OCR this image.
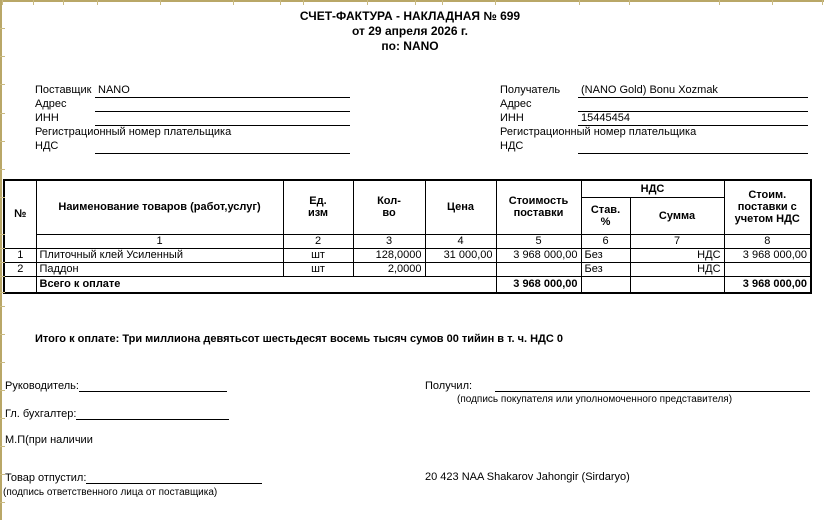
СЧЕТ-ФАКТУРА - НАКЛАДНАЯ № 699
от 29 апреля 2026 г.
по: NANO
Поставщик NANO
Адрес
ИНН
Регистрационный номер плательщика
НДС
Получатель	(NANO Gold) Bonu Xozmak
Адрес
ИНН	15445454
Регистрационный номер плательщика
НДС
№	Наименование товаров (работ,услуг)	Ед. изм	Кол-во	Цена	Стоимость поставки	НДС		Стоим. поставки с учетом НДС
						Став. %	Сумма	
	1	2	3	4	5	6	7	8
1	Плиточный клей Усиленный	шт	128,0000	31 000,00	3 968 000,00	Без	НДС	3 968 000,00
2	Паддон	шт	2,0000			Без	НДС	
	Всего к оплате				3 968 000,00			3 968 000,00
Итого к оплате: Три миллиона девятьсот шестьдесят восемь тысяч сумов 00 тийин в т. ч. НДС 0
Руководитель:
Гл. бухгалтер:
М.П(при наличии
Товар отпустил:
(подпись ответственного лица от поставщика)
Получил:
(подпись покупателя или уполномоченного представителя)
20 423 NAA Shakarov Jahongir (Sirdaryo)
